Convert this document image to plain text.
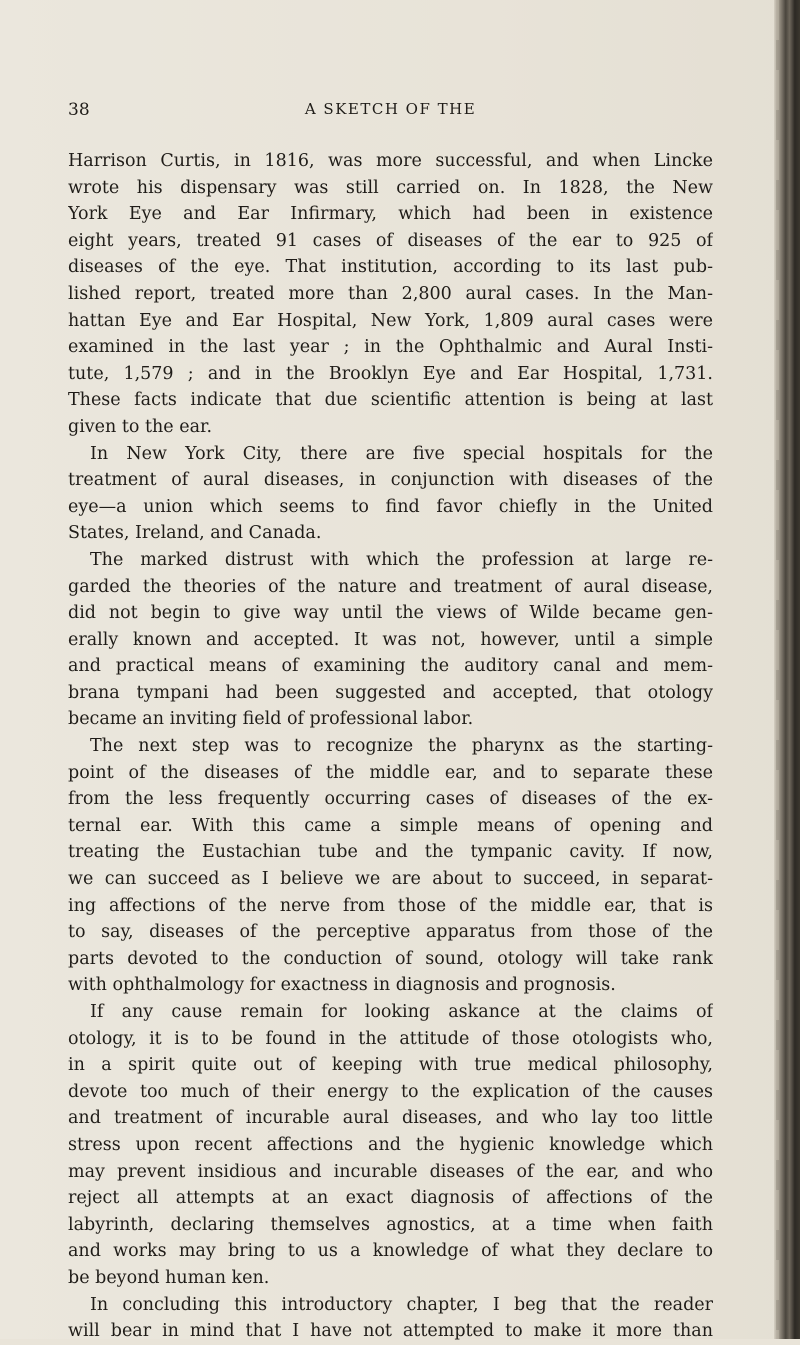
38	A SKETCH OF THE
Harrison Curtis, in 1816, was more successful, and when Lincke
wrote his dispensary was still carried on. In 1828, the New
York Eye and Ear Infirmary, which had been in existence
eight years, treated 91 cases of diseases of the ear to 925 of
diseases of the eye. That institution, according to its last pub-
lished report, treated more than 2,800 aural cases. In the Man-
hattan Eye and Ear Hospital, New York, 1,809 aural cases were
examined in the last year ; in the Ophthalmic and Aural Insti-
tute, 1,579 ; and in the Brooklyn Eye and Ear Hospital, 1,731.
These facts indicate that due scientific attention is being at last
given to the ear.
In New York City, there are five special hospitals for the
treatment of aural diseases, in conjunction with diseases of the
eye—a union which seems to find favor chiefly in the United
States, Ireland, and Canada.
The marked distrust with which the profession at large re-
garded the theories of the nature and treatment of aural disease,
did not begin to give way until the views of Wilde became gen-
erally known and accepted. It was not, however, until a simple
and practical means of examining the auditory canal and mem-
brana tympani had been suggested and accepted, that otology
became an inviting field of professional labor.
The next step was to recognize the pharynx as the starting-
point of the diseases of the middle ear, and to separate these
from the less frequently occurring cases of diseases of the ex-
ternal ear. With this came a simple means of opening and
treating the Eustachian tube and the tympanic cavity. If now,
we can succeed as I believe we are about to succeed, in separat-
ing affections of the nerve from those of the middle ear, that is
to say, diseases of the perceptive apparatus from those of the
parts devoted to the conduction of sound, otology will take rank
with ophthalmology for exactness in diagnosis and prognosis.
If any cause remain for looking askance at the claims of
otology, it is to be found in the attitude of those otologists who,
in a spirit quite out of keeping with true medical philosophy,
devote too much of their energy to the explication of the causes
and treatment of incurable aural diseases, and who lay too little
stress upon recent affections and the hygienic knowledge which
may prevent insidious and incurable diseases of the ear, and who
reject all attempts at an exact diagnosis of affections of the
labyrinth, declaring themselves agnostics, at a time when faith
and works may bring to us a knowledge of what they declare to
be beyond human ken.
In concluding this introductory chapter, I beg that the reader
will bear in mind that I have not attempted to make it more than
